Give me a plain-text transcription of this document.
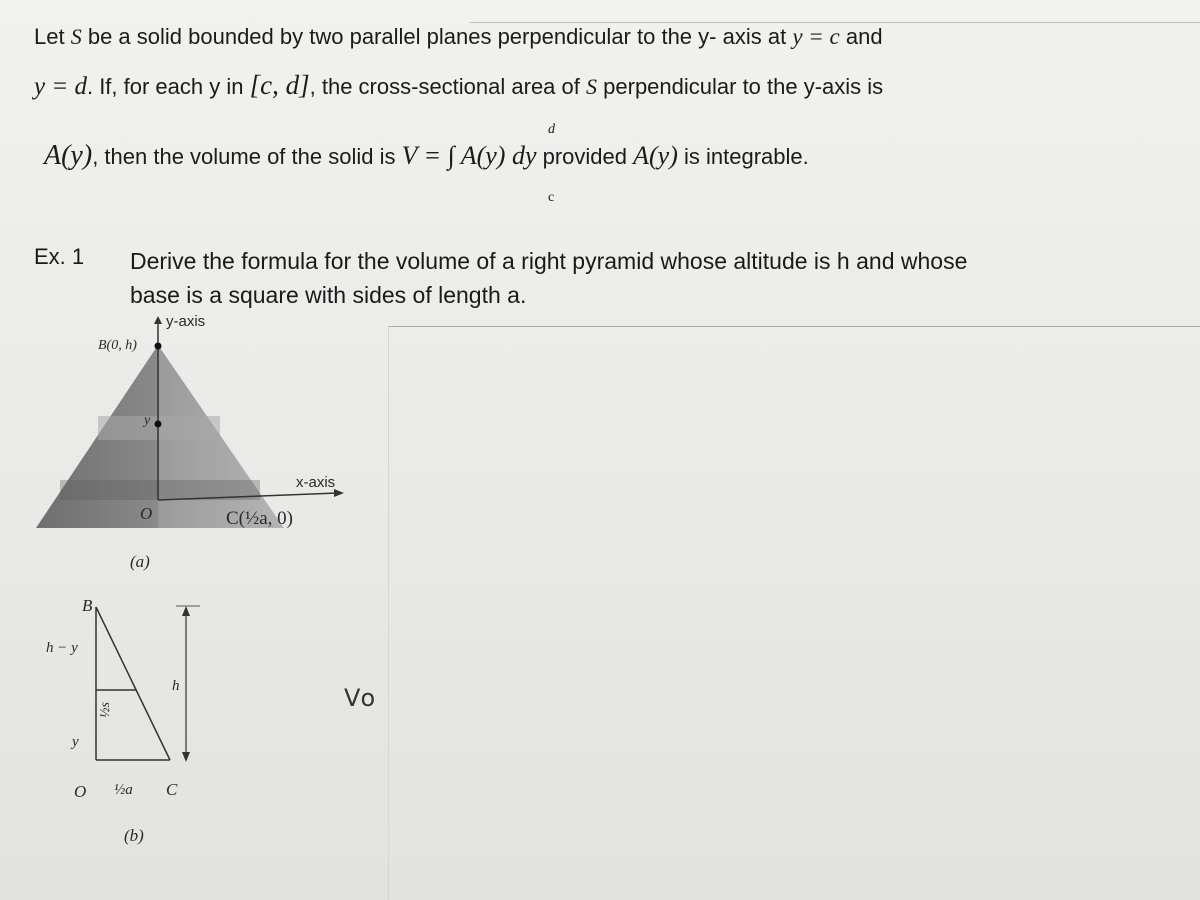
Let S be a solid bounded by two parallel planes perpendicular to the y- axis at y = c and
y = d. If, for each y in [c, d], the cross-sectional area of S perpendicular to the y-axis is
A(y), then the volume of the solid is V = ∫ A(y) dy provided A(y) is integrable.
d
c
Ex. 1 Derive the formula for the volume of a right pyramid whose altitude is h and whose
base is a square with sides of length a.
y-axis
B(0, h)
y
x-axis
O	C(½a, 0)
(a)
B
h − y
y
½s
h
O ½a C
(b)
Vo
